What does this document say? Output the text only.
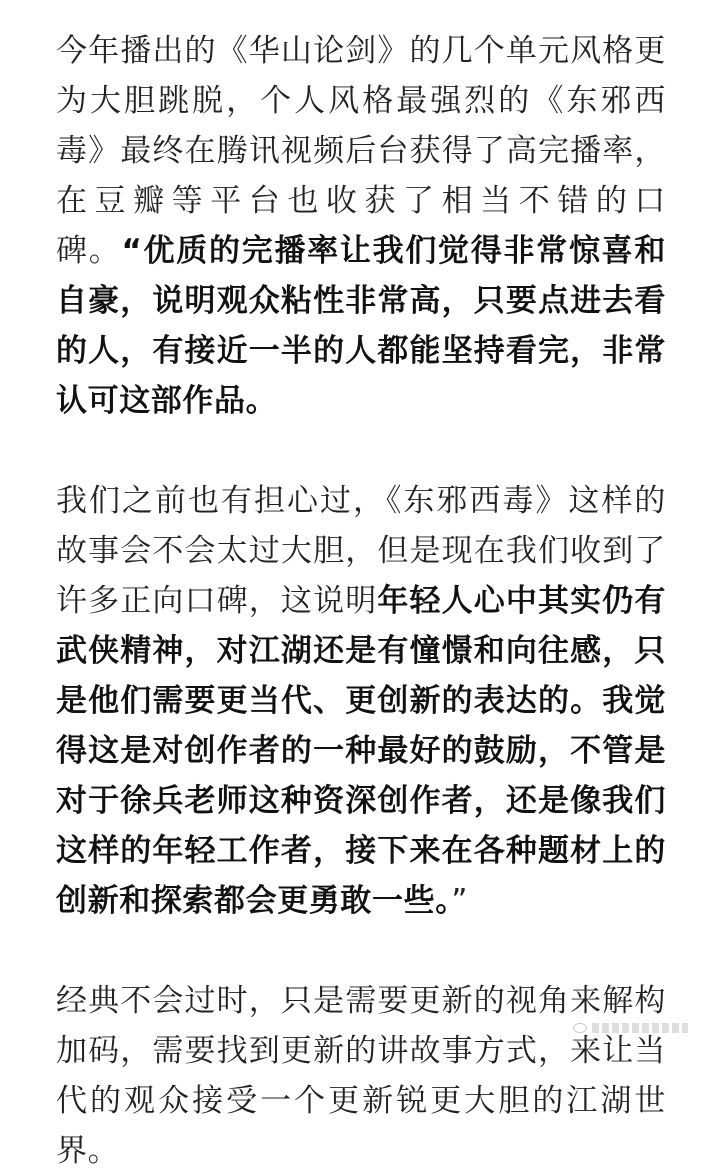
今年播出的《华山论剑》的几个单元风格更为大胆跳脱，个人风格最强烈的《东邪西毒》最终在腾讯视频后台获得了高完播率，在豆瓣等平台也收获了相当不错的口碑。“优质的完播率让我们觉得非常惊喜和自豪，说明观众粘性非常高，只要点进去看的人，有接近一半的人都能坚持看完，非常认可这部作品。

我们之前也有担心过，《东邪西毒》这样的故事会不会太过大胆，但是现在我们收到了许多正向口碑，这说明年轻人心中其实仍有武侠精神，对江湖还是有憧憬和向往感，只是他们需要更当代、更创新的表达的。我觉得这是对创作者的一种最好的鼓励，不管是对于徐兵老师这种资深创作者，还是像我们这样的年轻工作者，接下来在各种题材上的创新和探索都会更勇敢一些。”

经典不会过时，只是需要更新的视角来解构加码，需要找到更新的讲故事方式，来让当代的观众接受一个更新锐更大胆的江湖世界。
